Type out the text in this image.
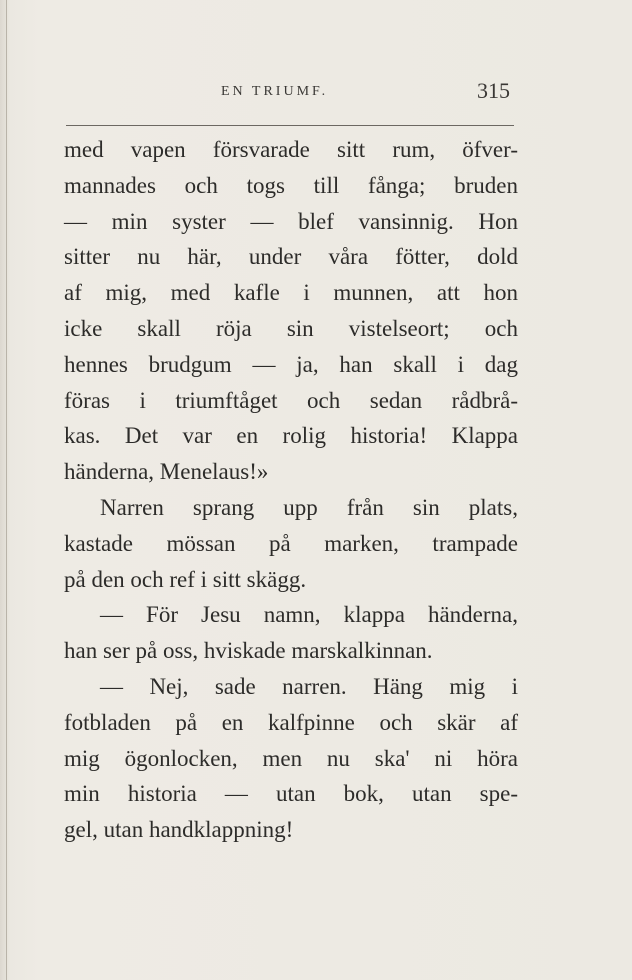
EN TRIUMF.	315
med vapen försvarade sitt rum, öfver-
mannades och togs till fånga; bruden
— min syster — blef vansinnig. Hon
sitter nu här, under våra fötter, dold
af mig, med kafle i munnen, att hon
icke skall röja sin vistelseort; och
hennes brudgum — ja, han skall i dag
föras i triumftåget och sedan rådbrå-
kas. Det var en rolig historia! Klappa
händerna, Menelaus!»
Narren sprang upp från sin plats,
kastade mössan på marken, trampade
på den och ref i sitt skägg.
— För Jesu namn, klappa händerna,
han ser på oss, hviskade marskalkinnan.
— Nej, sade narren. Häng mig i
fotbladen på en kalfpinne och skär af
mig ögonlocken, men nu ska' ni höra
min historia — utan bok, utan spe-
gel, utan handklappning!
